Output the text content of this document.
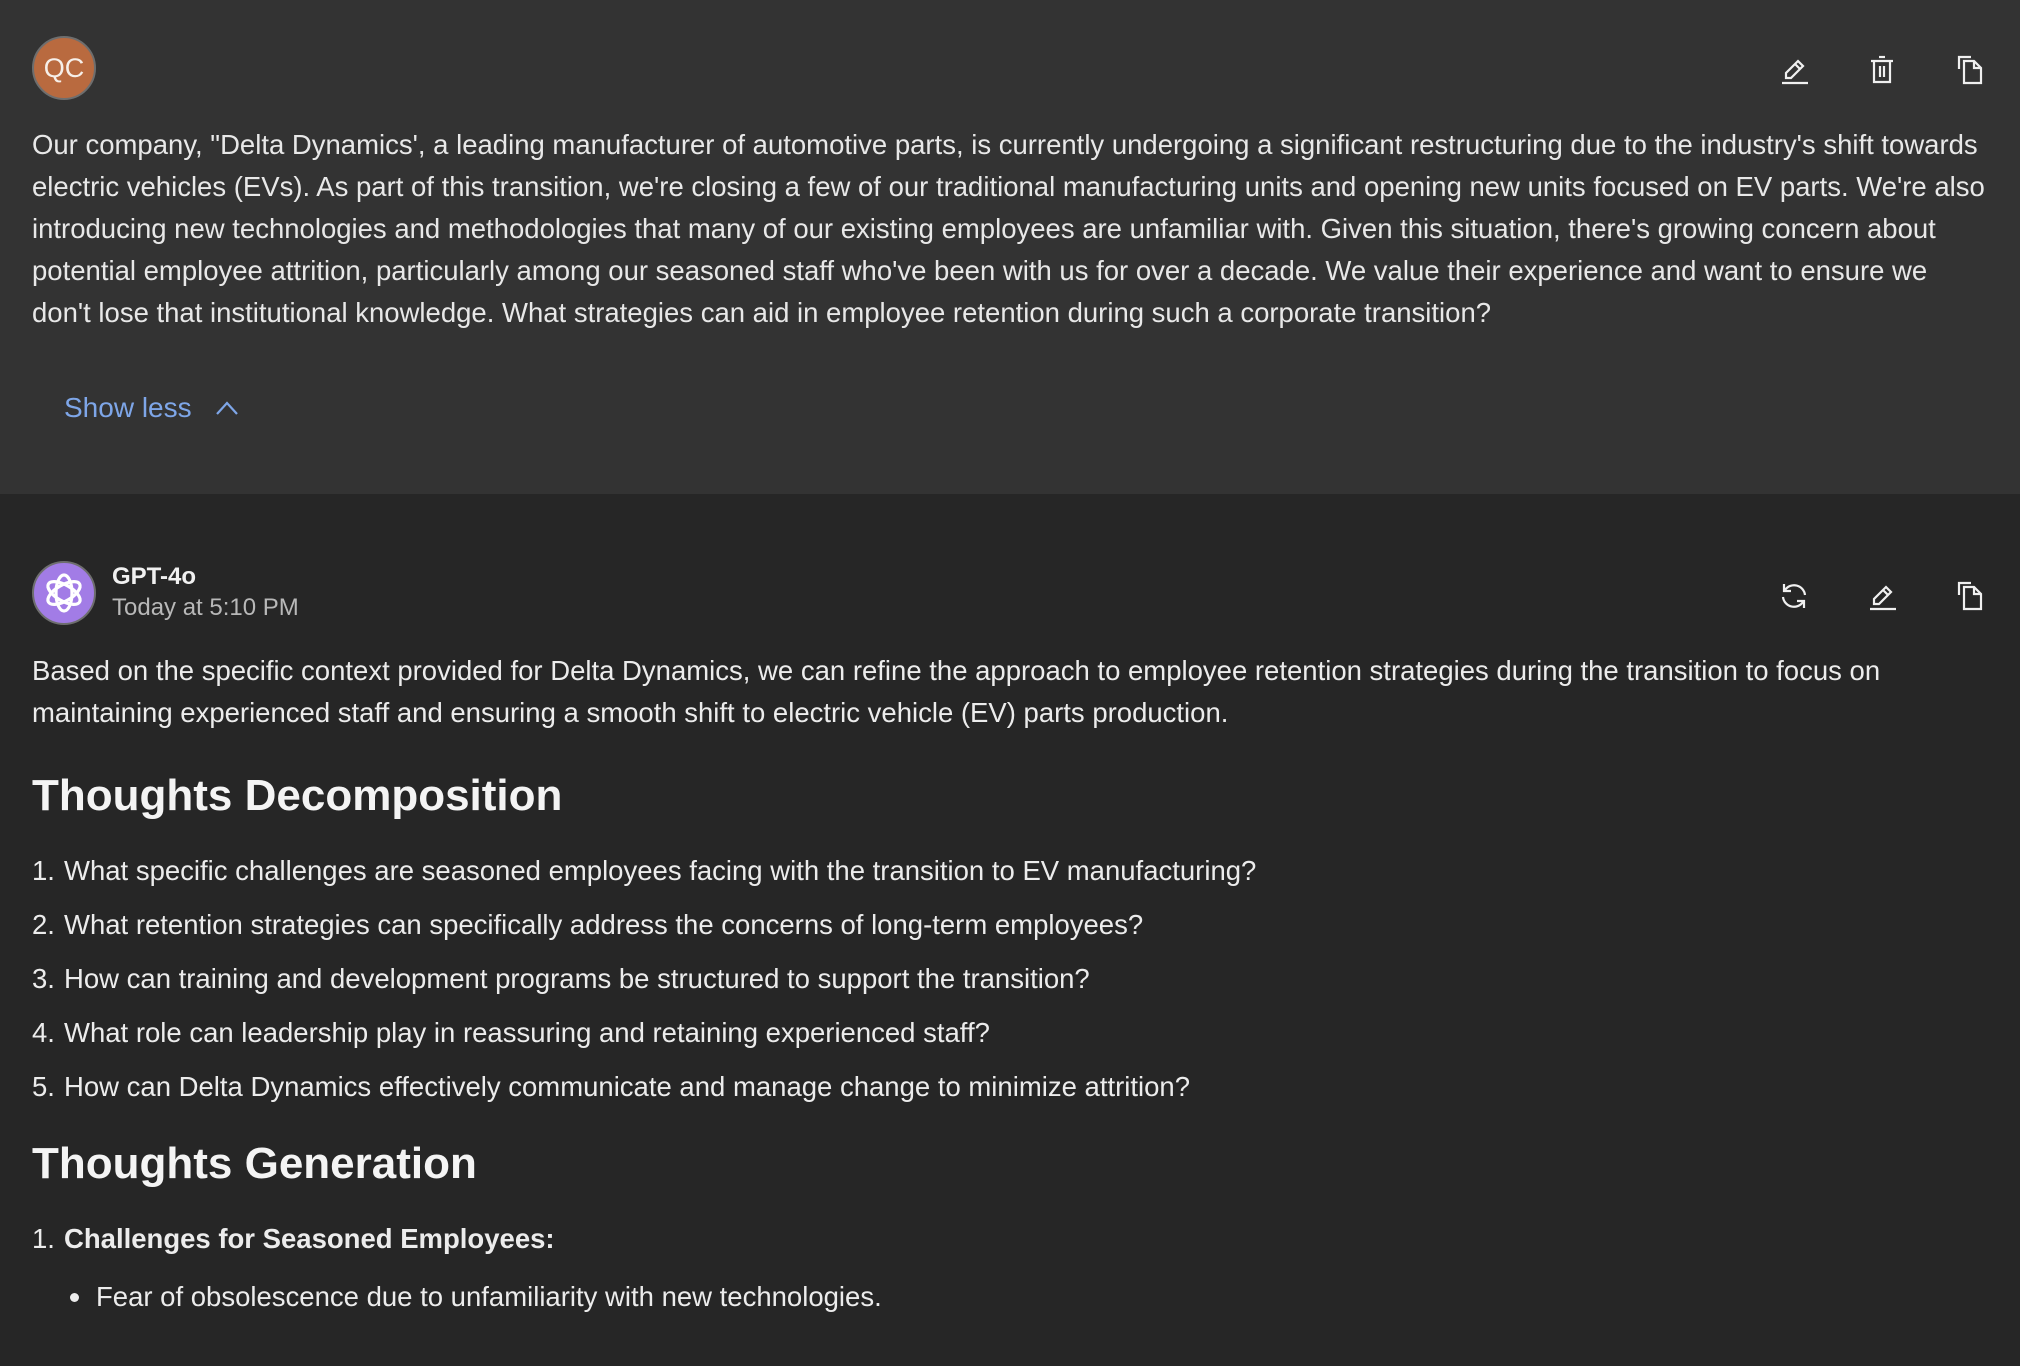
QC

Our company, "Delta Dynamics', a leading manufacturer of automotive parts, is currently undergoing a significant restructuring due to the industry's shift towards electric vehicles (EVs). As part of this transition, we're closing a few of our traditional manufacturing units and opening new units focused on EV parts. We're also introducing new technologies and methodologies that many of our existing employees are unfamiliar with. Given this situation, there's growing concern about potential employee attrition, particularly among our seasoned staff who've been with us for over a decade. We value their experience and want to ensure we don't lose that institutional knowledge. What strategies can aid in employee retention during such a corporate transition?

Show less
GPT-4o
Today at 5:10 PM

Based on the specific context provided for Delta Dynamics, we can refine the approach to employee retention strategies during the transition to focus on maintaining experienced staff and ensuring a smooth shift to electric vehicle (EV) parts production.

Thoughts Decomposition
1. What specific challenges are seasoned employees facing with the transition to EV manufacturing?
2. What retention strategies can specifically address the concerns of long-term employees?
3. How can training and development programs be structured to support the transition?
4. What role can leadership play in reassuring and retaining experienced staff?
5. How can Delta Dynamics effectively communicate and manage change to minimize attrition?
Thoughts Generation
1. Challenges for Seasoned Employees:
Fear of obsolescence due to unfamiliarity with new technologies.
